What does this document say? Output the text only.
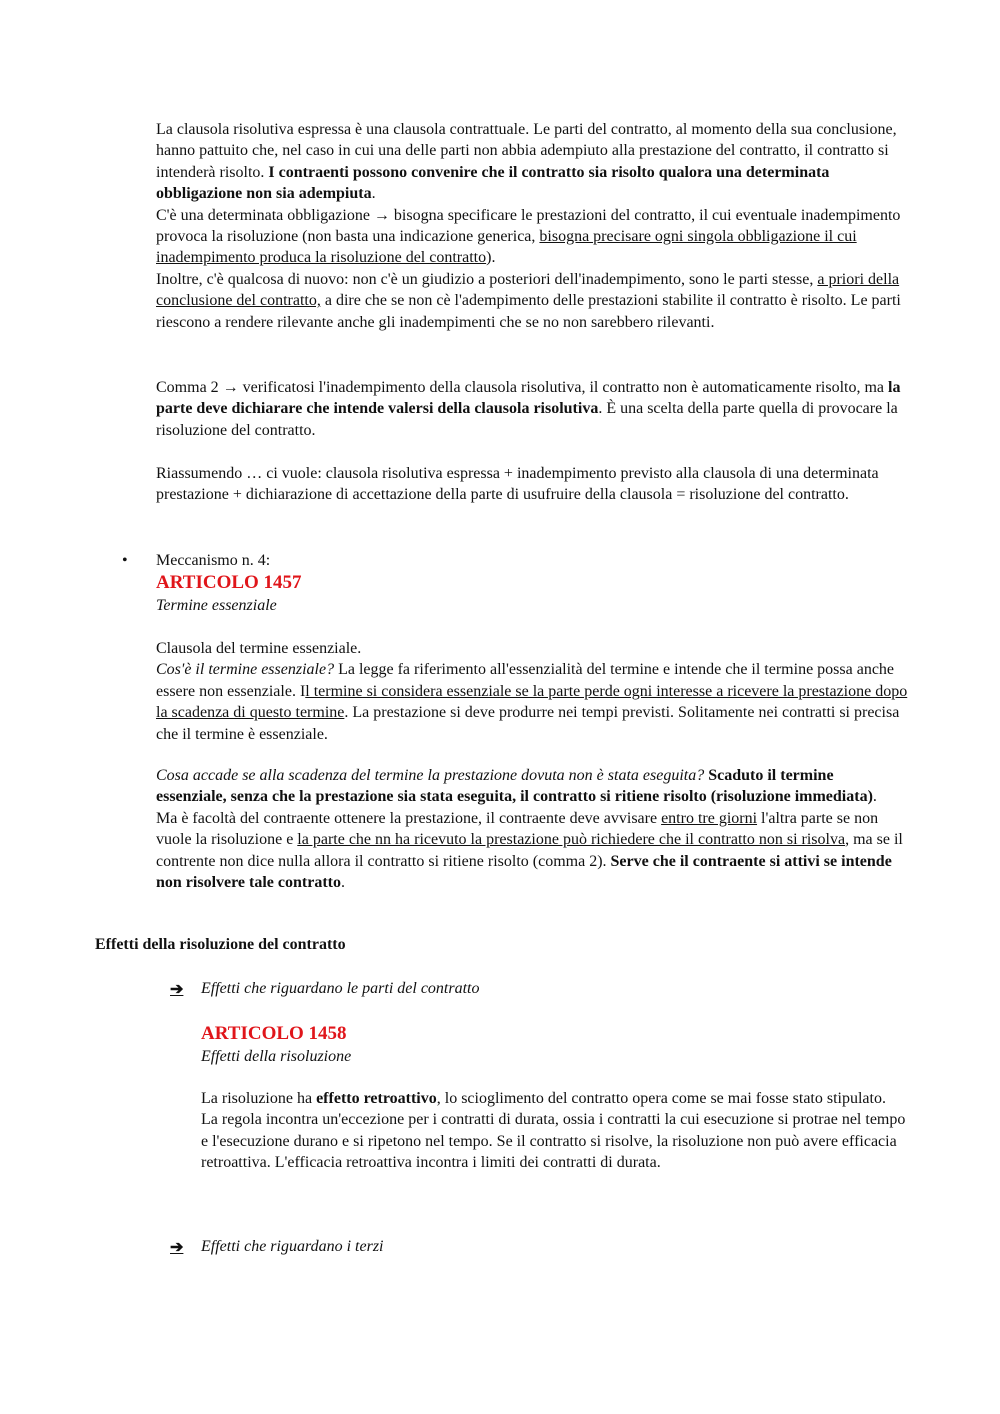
La clausola risolutiva espressa è una clausola contrattuale. Le parti del contratto, al momento della sua conclusione, hanno pattuito che, nel caso in cui una delle parti non abbia adempiuto alla prestazione del contratto, il contratto si intenderà risolto. I contraenti possono convenire che il contratto sia risolto qualora una determinata obbligazione non sia adempiuta.
C'è una determinata obbligazione → bisogna specificare le prestazioni del contratto, il cui eventuale inadempimento provoca la risoluzione (non basta una indicazione generica, bisogna precisare ogni singola obbligazione il cui inadempimento produca la risoluzione del contratto).
Inoltre, c'è qualcosa di nuovo: non c'è un giudizio a posteriori dell'inadempimento, sono le parti stesse, a priori della conclusione del contratto, a dire che se non cè l'adempimento delle prestazioni stabilite il contratto è risolto. Le parti riescono a rendere rilevante anche gli inadempimenti che se no non sarebbero rilevanti.
Comma 2 → verificatosi l'inadempimento della clausola risolutiva, il contratto non è automaticamente risolto, ma la parte deve dichiarare che intende valersi della clausola risolutiva. È una scelta della parte quella di provocare la risoluzione del contratto.
Riassumendo … ci vuole: clausola risolutiva espressa + inadempimento previsto alla clausola di una determinata prestazione + dichiarazione di accettazione della parte di usufruire della clausola = risoluzione del contratto.
• Meccanismo n. 4:
ARTICOLO 1457
Termine essenziale
Clausola del termine essenziale.
Cos'è il termine essenziale? La legge fa riferimento all'essenzialità del termine e intende che il termine possa anche essere non essenziale. Il termine si considera essenziale se la parte perde ogni interesse a ricevere la prestazione dopo la scadenza di questo termine. La prestazione si deve produrre nei tempi previsti. Solitamente nei contratti si precisa che il termine è essenziale.
Cosa accade se alla scadenza del termine la prestazione dovuta non è stata eseguita? Scaduto il termine essenziale, senza che la prestazione sia stata eseguita, il contratto si ritiene risolto (risoluzione immediata).
Ma è facoltà del contraente ottenere la prestazione, il contraente deve avvisare entro tre giorni l'altra parte se non vuole la risoluzione e la parte che nn ha ricevuto la prestazione può richiedere che il contratto non si risolva, ma se il contrente non dice nulla allora il contratto si ritiene risolto (comma 2). Serve che il contraente si attivi se intende non risolvere tale contratto.
Effetti della risoluzione del contratto
➔ Effetti che riguardano le parti del contratto
ARTICOLO 1458
Effetti della risoluzione
La risoluzione ha effetto retroattivo, lo scioglimento del contratto opera come se mai fosse stato stipulato.
La regola incontra un'eccezione per i contratti di durata, ossia i contratti la cui esecuzione si protrae nel tempo e l'esecuzione durano e si ripetono nel tempo. Se il contratto si risolve, la risoluzione non può avere efficacia retroattiva. L'efficacia retroattiva incontra i limiti dei contratti di durata.
➔ Effetti che riguardano i terzi
